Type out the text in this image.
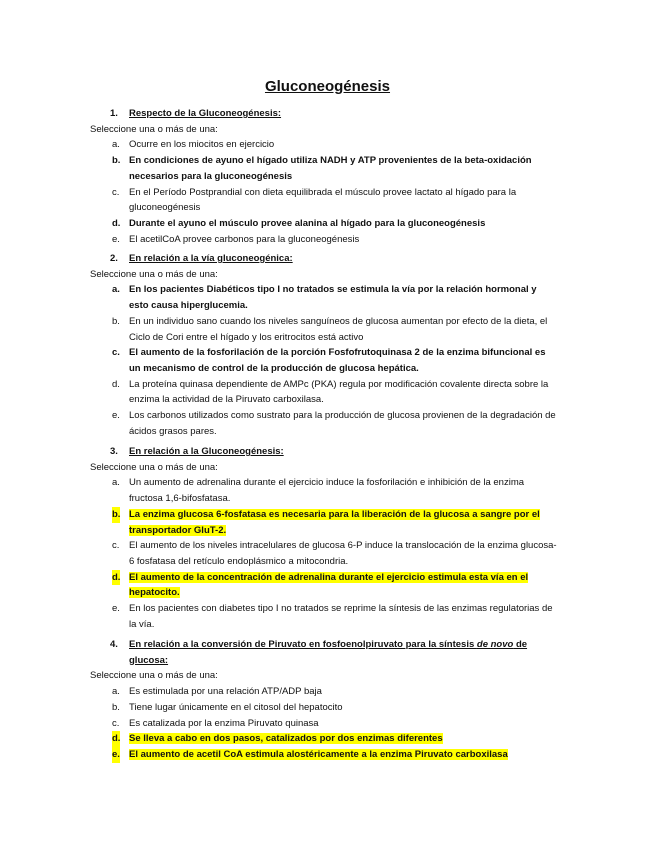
Gluconeogénesis
1. Respecto de la Gluconeogénesis:
Seleccione una o más de una:
a. Ocurre en los miocitos en ejercicio
b. En condiciones de ayuno el hígado utiliza NADH y ATP provenientes de la beta-oxidación necesarios para la gluconeogénesis
c. En el Período Postprandial con dieta equilibrada el músculo provee lactato al hígado para la gluconeogénesis
d. Durante el ayuno el músculo provee alanina al hígado para la gluconeogénesis
e. El acetilCoA provee carbonos para la gluconeogénesis
2. En relación a la vía gluconeogénica:
Seleccione una o más de una:
a. En los pacientes Diabéticos tipo I no tratados se estimula la vía por la relación hormonal y esto causa hiperglucemia.
b. En un individuo sano cuando los niveles sanguíneos de glucosa aumentan por efecto de la dieta, el Ciclo de Cori entre el hígado y los eritrocitos está activo
c. El aumento de la fosforilación de la porción Fosfofrutoquinasa 2 de la enzima bifuncional es un mecanismo de control de la producción de glucosa hepática.
d. La proteína quinasa dependiente de AMPc (PKA) regula por modificación covalente directa sobre la enzima la actividad de la Piruvato carboxilasa.
e. Los carbonos utilizados como sustrato para la producción de glucosa provienen de la degradación de ácidos grasos pares.
3. En relación a la Gluconeogénesis:
Seleccione una o más de una:
a. Un aumento de adrenalina durante el ejercicio induce la fosforilación e inhibición de la enzima fructosa 1,6-bifosfatasa.
b. La enzima glucosa 6-fosfatasa es necesaria para la liberación de la glucosa a sangre por el transportador GluT-2.
c. El aumento de los niveles intracelulares de glucosa 6-P induce la translocación de la enzima glucosa-6 fosfatasa del retículo endoplásmico a mitocondria.
d. El aumento de la concentración de adrenalina durante el ejercicio estimula esta vía en el hepatocito.
e. En los pacientes con diabetes tipo I no tratados se reprime la síntesis de las enzimas regulatorias de la vía.
4. En relación a la conversión de Piruvato en fosfoenolpiruvato para la síntesis de novo de glucosa:
Seleccione una o más de una:
a. Es estimulada por una relación ATP/ADP baja
b. Tiene lugar únicamente en el citosol del hepatocito
c. Es catalizada por la enzima Piruvato quinasa
d. Se lleva a cabo en dos pasos, catalizados por dos enzimas diferentes
e. El aumento de acetil CoA estimula alostéricamente a la enzima Piruvato carboxilasa
